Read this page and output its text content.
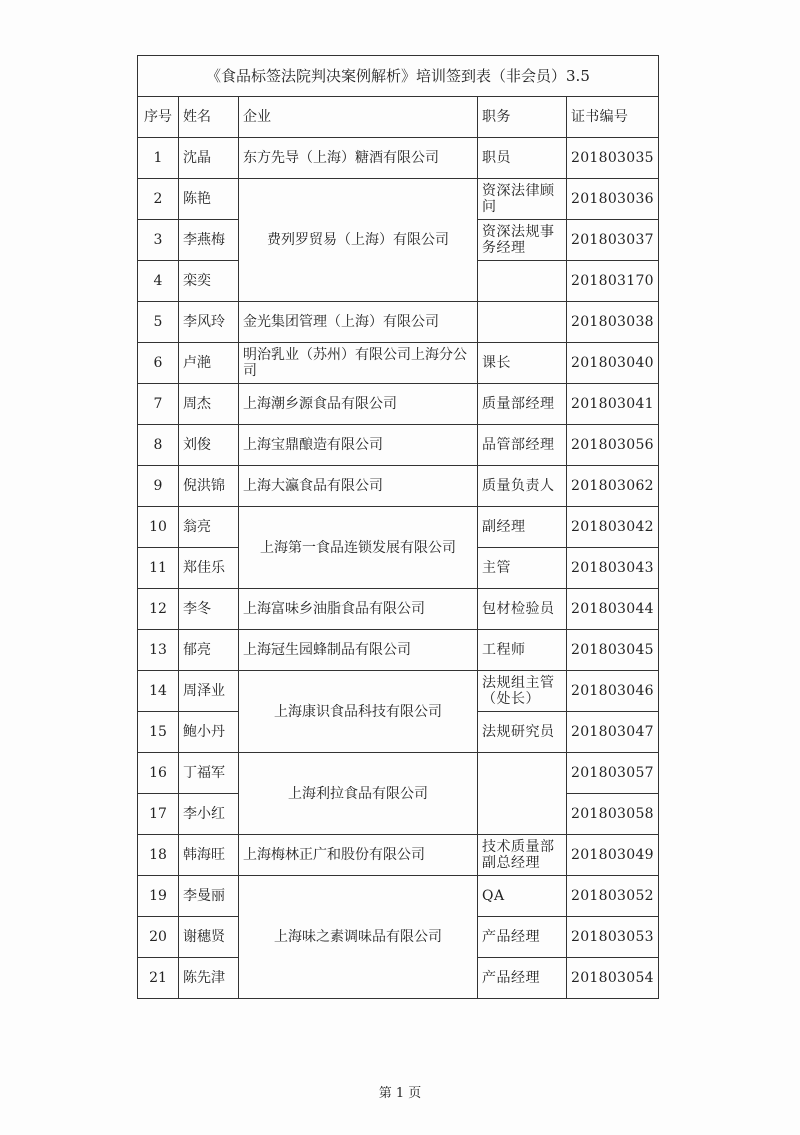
《食品标签法院判决案例解析》培训签到表（非会员）3.5				
序号	姓名	企业	职务	证书编号
1	沈晶	东方先导（上海）糖酒有限公司	职员	201803035
2	陈艳	费列罗贸易（上海）有限公司	资深法律顾问	201803036
3	李燕梅		资深法规事务经理	201803037
4	栾奕			201803170
5	李风玲	金光集团管理（上海）有限公司		201803038
6	卢滟	明治乳业（苏州）有限公司上海分公司	课长	201803040
7	周杰	上海潮乡源食品有限公司	质量部经理	201803041
8	刘俊	上海宝鼎酿造有限公司	品管部经理	201803056
9	倪洪锦	上海大瀛食品有限公司	质量负责人	201803062
10	翁亮	上海第一食品连锁发展有限公司	副经理	201803042
11	郑佳乐		主管	201803043
12	李冬	上海富味乡油脂食品有限公司	包材检验员	201803044
13	郁亮	上海冠生园蜂制品有限公司	工程师	201803045
14	周泽业	上海康识食品科技有限公司	法规组主管（处长）	201803046
15	鲍小丹		法规研究员	201803047
16	丁福军	上海利拉食品有限公司		201803057
17	李小红			201803058
18	韩海旺	上海梅林正广和股份有限公司	技术质量部副总经理	201803049
19	李曼丽	上海味之素调味品有限公司	QA	201803052
20	谢穗贤		产品经理	201803053
21	陈先津		产品经理	201803054
第 1 页
